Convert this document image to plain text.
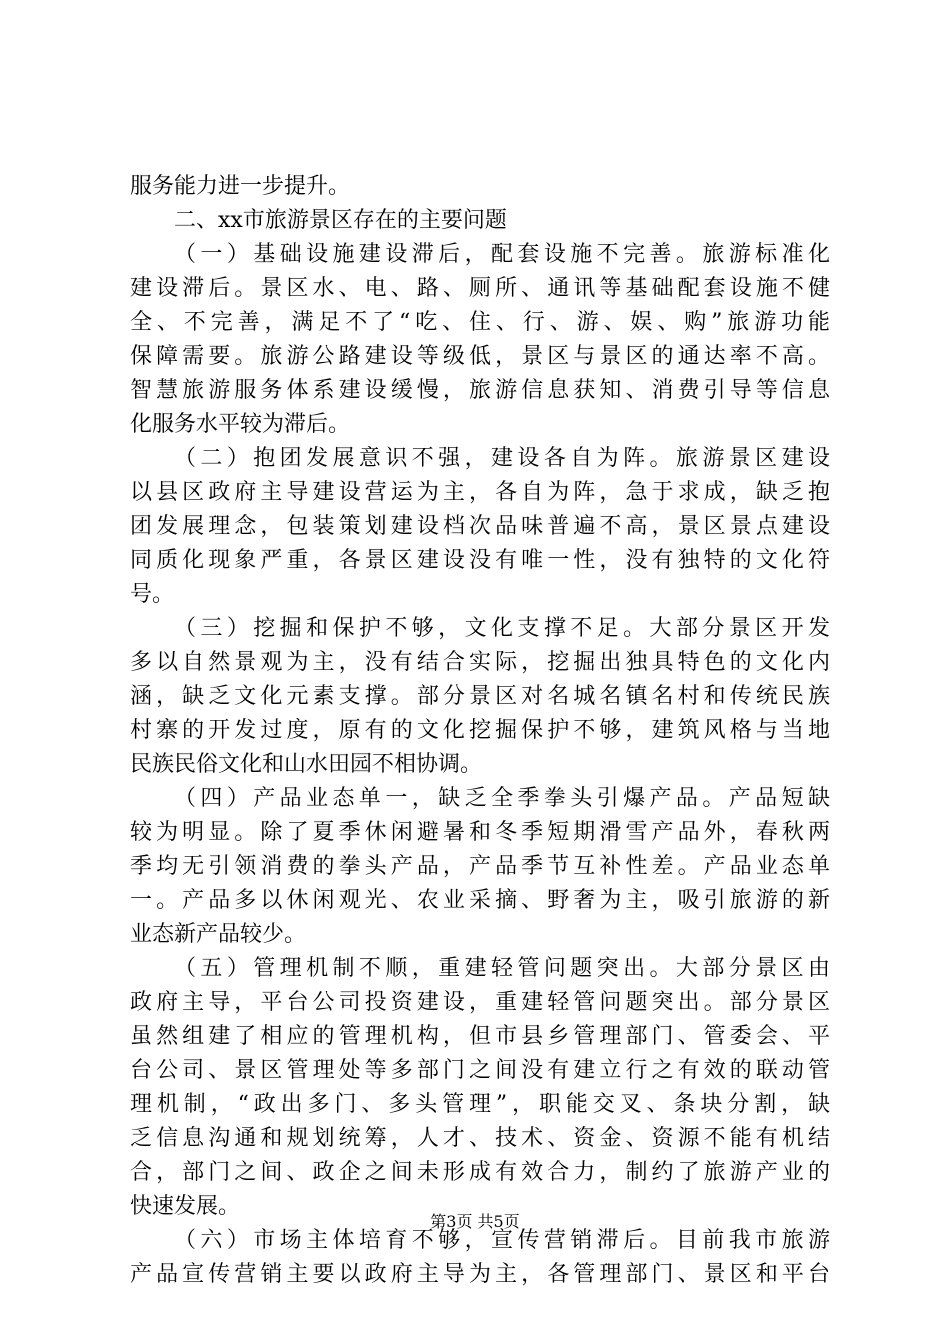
服务能力进一步提升。
二、xx市旅游景区存在的主要问题
（一）基础设施建设滞后，配套设施不完善。旅游标准化
建设滞后。景区水、电、路、厕所、通讯等基础配套设施不健
全、不完善，满足不了“吃、住、行、游、娱、购”旅游功能
保障需要。旅游公路建设等级低，景区与景区的通达率不高。
智慧旅游服务体系建设缓慢，旅游信息获知、消费引导等信息
化服务水平较为滞后。
（二）抱团发展意识不强，建设各自为阵。旅游景区建设
以县区政府主导建设营运为主，各自为阵，急于求成，缺乏抱
团发展理念，包装策划建设档次品味普遍不高，景区景点建设
同质化现象严重，各景区建设没有唯一性，没有独特的文化符
号。
（三）挖掘和保护不够，文化支撑不足。大部分景区开发
多以自然景观为主，没有结合实际，挖掘出独具特色的文化内
涵，缺乏文化元素支撑。部分景区对名城名镇名村和传统民族
村寨的开发过度，原有的文化挖掘保护不够，建筑风格与当地
民族民俗文化和山水田园不相协调。
（四）产品业态单一，缺乏全季拳头引爆产品。产品短缺
较为明显。除了夏季休闲避暑和冬季短期滑雪产品外，春秋两
季均无引领消费的拳头产品，产品季节互补性差。产品业态单
一。产品多以休闲观光、农业采摘、野奢为主，吸引旅游的新
业态新产品较少。
（五）管理机制不顺，重建轻管问题突出。大部分景区由
政府主导，平台公司投资建设，重建轻管问题突出。部分景区
虽然组建了相应的管理机构，但市县乡管理部门、管委会、平
台公司、景区管理处等多部门之间没有建立行之有效的联动管
理机制，“政出多门、多头管理”，职能交叉、条块分割，缺
乏信息沟通和规划统筹，人才、技术、资金、资源不能有机结
合，部门之间、政企之间未形成有效合力，制约了旅游产业的
快速发展。
（六）市场主体培育不够，宣传营销滞后。目前我市旅游
产品宣传营销主要以政府主导为主，各管理部门、景区和平台
第3页 共5页
